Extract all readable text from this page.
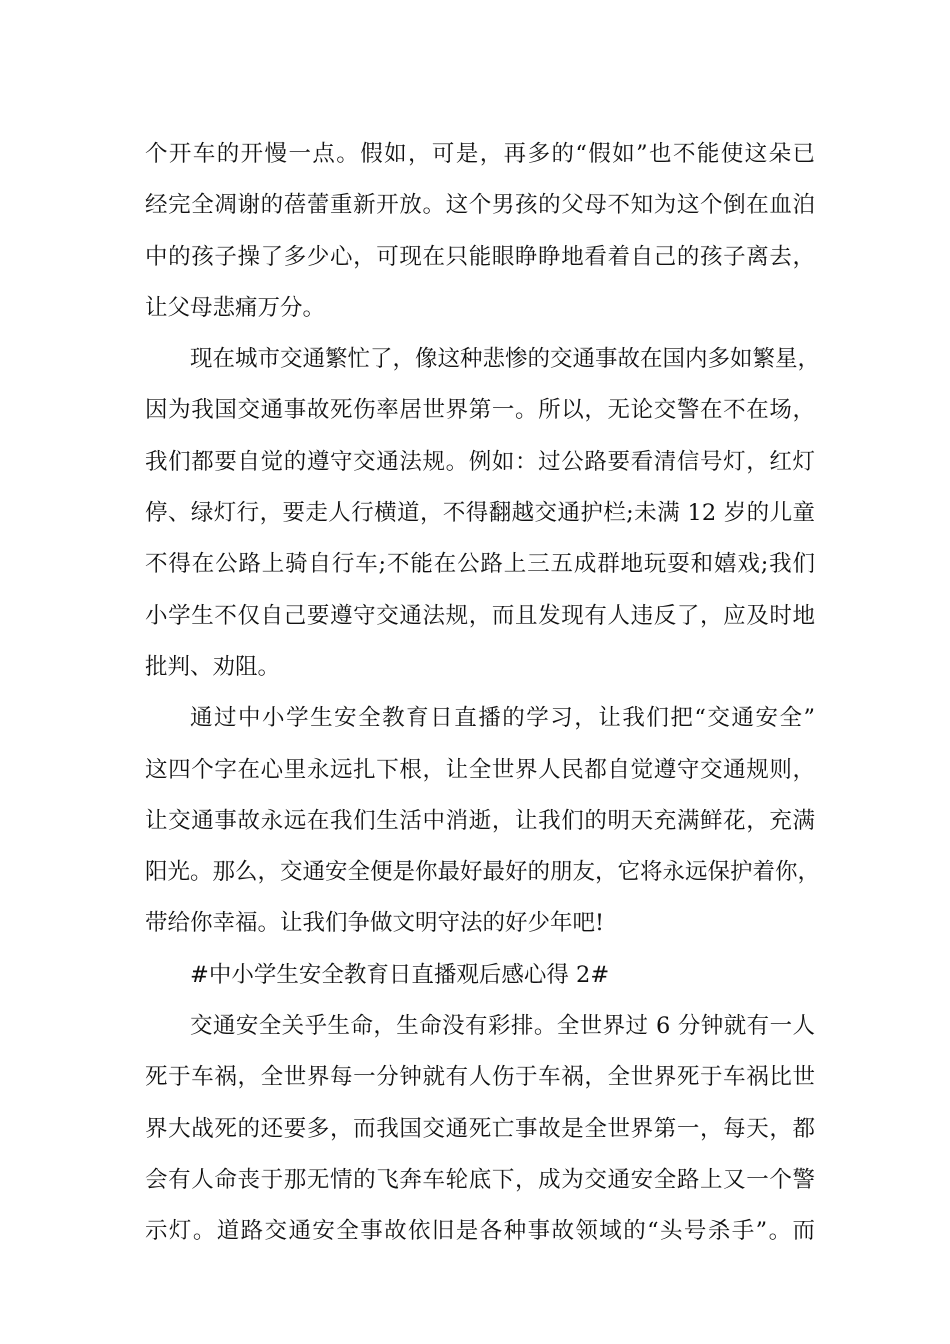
个开车的开慢一点。假如，可是，再多的“假如”也不能使这朵已
经完全凋谢的蓓蕾重新开放。这个男孩的父母不知为这个倒在血泊
中的孩子操了多少心，可现在只能眼睁睁地看着自己的孩子离去，
让父母悲痛万分。
现在城市交通繁忙了，像这种悲惨的交通事故在国内多如繁星，
因为我国交通事故死伤率居世界第一。所以，无论交警在不在场，
我们都要自觉的遵守交通法规。例如：过公路要看清信号灯，红灯
停、绿灯行，要走人行横道，不得翻越交通护栏;未满 12 岁的儿童
不得在公路上骑自行车;不能在公路上三五成群地玩耍和嬉戏;我们
小学生不仅自己要遵守交通法规，而且发现有人违反了，应及时地
批判、劝阻。
通过中小学生安全教育日直播的学习，让我们把“交通安全”
这四个字在心里永远扎下根，让全世界人民都自觉遵守交通规则，
让交通事故永远在我们生活中消逝，让我们的明天充满鲜花，充满
阳光。那么，交通安全便是你最好最好的朋友，它将永远保护着你，
带给你幸福。让我们争做文明守法的好少年吧!
#中小学生安全教育日直播观后感心得 2#
交通安全关乎生命，生命没有彩排。全世界过 6 分钟就有一人
死于车祸，全世界每一分钟就有人伤于车祸，全世界死于车祸比世
界大战死的还要多，而我国交通死亡事故是全世界第一，每天，都
会有人命丧于那无情的飞奔车轮底下，成为交通安全路上又一个警
示灯。道路交通安全事故依旧是各种事故领域的“头号杀手”。而
